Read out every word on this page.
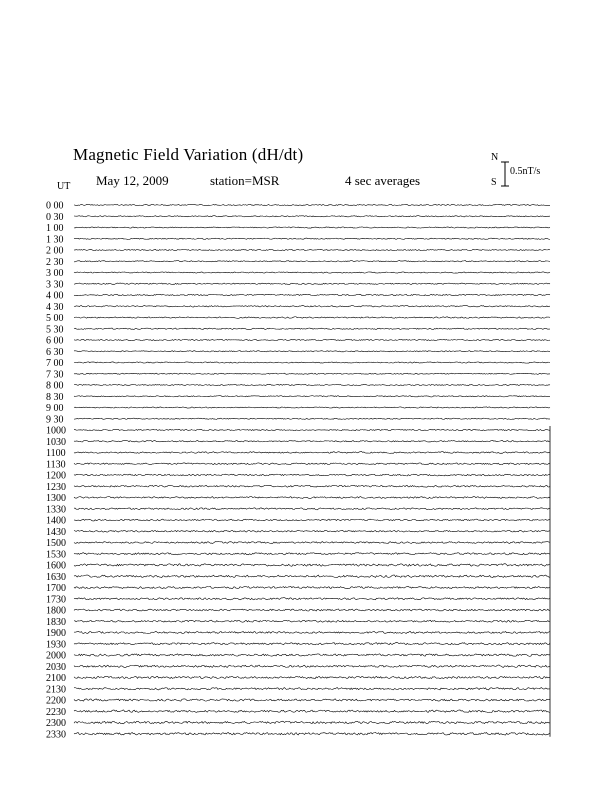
Magnetic Field Variation (dH/dt)
May 12, 2009	station=MSR	4 sec averages
UT
N
S
0.5nT/s
0 00
0 30
1 00
1 30
2 00
2 30
3 00
3 30
4 00
4 30
5 00
5 30
6 00
6 30
7 00
7 30
8 00
8 30
9 00
9 30
1000
1030
1100
1130
1200
1230
1300
1330
1400
1430
1500
1530
1600
1630
1700
1730
1800
1830
1900
1930
2000
2030
2100
2130
2200
2230
2300
2330
